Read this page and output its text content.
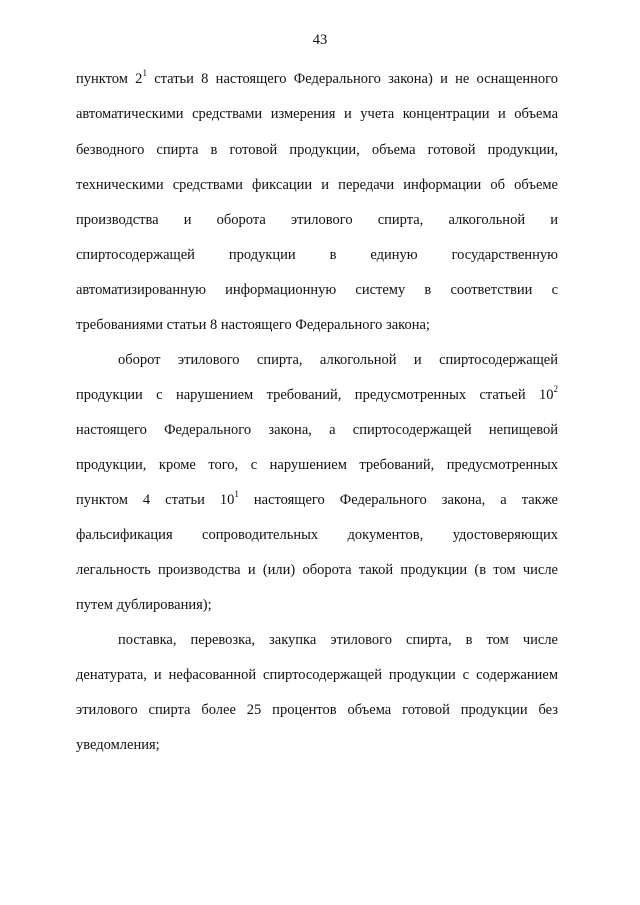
43
пунктом $2^1$ статьи 8 настоящего Федерального закона) и не оснащенного
автоматическими средствами измерения и учета концентрации и объема
безводного спирта в готовой продукции, объема готовой продукции,
техническими средствами фиксации и передачи информации об объеме
производства и оборота этилового спирта, алкогольной и
спиртосодержащей продукции в единую государственную
автоматизированную информационную систему в соответствии с
требованиями статьи 8 настоящего Федерального закона;
оборот этилового спирта, алкогольной и спиртосодержащей
продукции с нарушением требований, предусмотренных статьей $10^2$
настоящего Федерального закона, а спиртосодержащей непищевой
продукции, кроме того, с нарушением требований, предусмотренных
пунктом 4 статьи $10^1$ настоящего Федерального закона, а также
фальсификация сопроводительных документов, удостоверяющих
легальность производства и (или) оборота такой продукции (в том числе
путем дублирования);
поставка, перевозка, закупка этилового спирта, в том числе
денатурата, и нефасованной спиртосодержащей продукции с содержанием
этилового спирта более 25 процентов объема готовой продукции без
уведомления;
